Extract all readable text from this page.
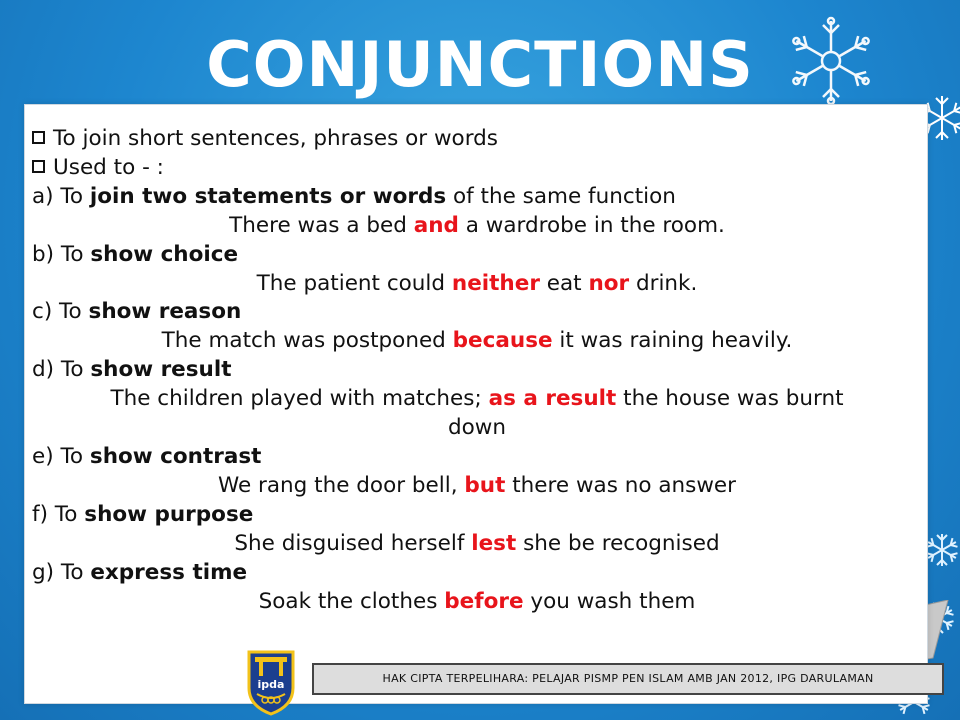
CONJUNCTIONS
To join short sentences, phrases or words
Used to - :
a) To join two statements or words of the same function
There was a bed and a wardrobe in the room.
b) To show choice
The patient could neither eat nor drink.
c) To show reason
The match was postponed because it was raining heavily.
d) To show result
The children played with matches; as a result the house was burnt
down
e) To show contrast
We rang the door bell, but there was no answer
f) To show purpose
She disguised herself lest she be recognised
g) To express time
Soak the clothes before you wash them
ipda	HAK CIPTA TERPELIHARA: PELAJAR PISMP PEN ISLAM AMB JAN 2012, IPG DARULAMAN
